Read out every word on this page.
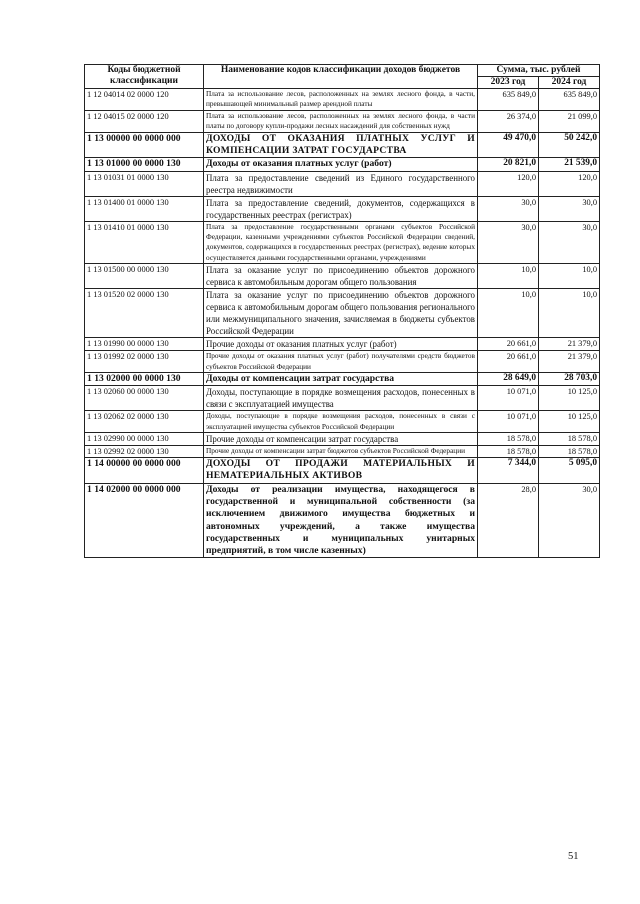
Коды бюджетной классификации	Наименование кодов классификации доходов бюджетов	Сумма, тыс. рублей	
		2023 год	2024 год
1 12 04014 02 0000 120	Плата за использование лесов, расположенных на землях лесного фонда, в части, превышающей минимальный размер арендной платы	635 849,0	635 849,0
1 12 04015 02 0000 120	Плата за использование лесов, расположенных на землях лесного фонда, в части платы по договору купли-продажи лесных насаждений для собственных нужд	26 374,0	21 099,0
1 13 00000 00 0000 000	ДОХОДЫ ОТ ОКАЗАНИЯ ПЛАТНЫХ УСЛУГ И КОМПЕНСАЦИИ ЗАТРАТ ГОСУДАРСТВА	49 470,0	50 242,0
1 13 01000 00 0000 130	Доходы от оказания платных услуг (работ)	20 821,0	21 539,0
1 13 01031 01 0000 130	Плата за предоставление сведений из Единого государственного реестра недвижимости	120,0	120,0
1 13 01400 01 0000 130	Плата за предоставление сведений, документов, содержащихся в государственных реестрах (регистрах)	30,0	30,0
1 13 01410 01 0000 130	Плата за предоставление государственными органами субъектов Российской Федерации, казенными учреждениями субъектов Российской Федерации сведений, документов, содержащихся в государственных реестрах (регистрах), ведение которых осуществляется данными государственными органами, учреждениями	30,0	30,0
1 13 01500 00 0000 130	Плата за оказание услуг по присоединению объектов дорожного сервиса к автомобильным дорогам общего пользования	10,0	10,0
1 13 01520 02 0000 130	Плата за оказание услуг по присоединению объектов дорожного сервиса к автомобильным дорогам общего пользования регионального или межмуниципального значения, зачисляемая в бюджеты субъектов Российской Федерации	10,0	10,0
1 13 01990 00 0000 130	Прочие доходы от оказания платных услуг (работ)	20 661,0	21 379,0
1 13 01992 02 0000 130	Прочие доходы от оказания платных услуг (работ) получателями средств бюджетов субъектов Российской Федерации	20 661,0	21 379,0
1 13 02000 00 0000 130	Доходы от компенсации затрат государства	28 649,0	28 703,0
1 13 02060 00 0000 130	Доходы, поступающие в порядке возмещения расходов, понесенных в связи с эксплуатацией имущества	10 071,0	10 125,0
1 13 02062 02 0000 130	Доходы, поступающие в порядке возмещения расходов, понесенных в связи с эксплуатацией имущества субъектов Российской Федерации	10 071,0	10 125,0
1 13 02990 00 0000 130	Прочие доходы от компенсации затрат государства	18 578,0	18 578,0
1 13 02992 02 0000 130	Прочие доходы от компенсации затрат бюджетов субъектов Российской Федерации	18 578,0	18 578,0
1 14 00000 00 0000 000	ДОХОДЫ ОТ ПРОДАЖИ МАТЕРИАЛЬНЫХ И НЕМАТЕРИАЛЬНЫХ АКТИВОВ	7 344,0	5 095,0
1 14 02000 00 0000 000	Доходы от реализации имущества, находящегося в государственной и муниципальной собственности (за исключением движимого имущества бюджетных и автономных учреждений, а также имущества государственных и муниципальных унитарных предприятий, в том числе казенных)	28,0	30,0
51
